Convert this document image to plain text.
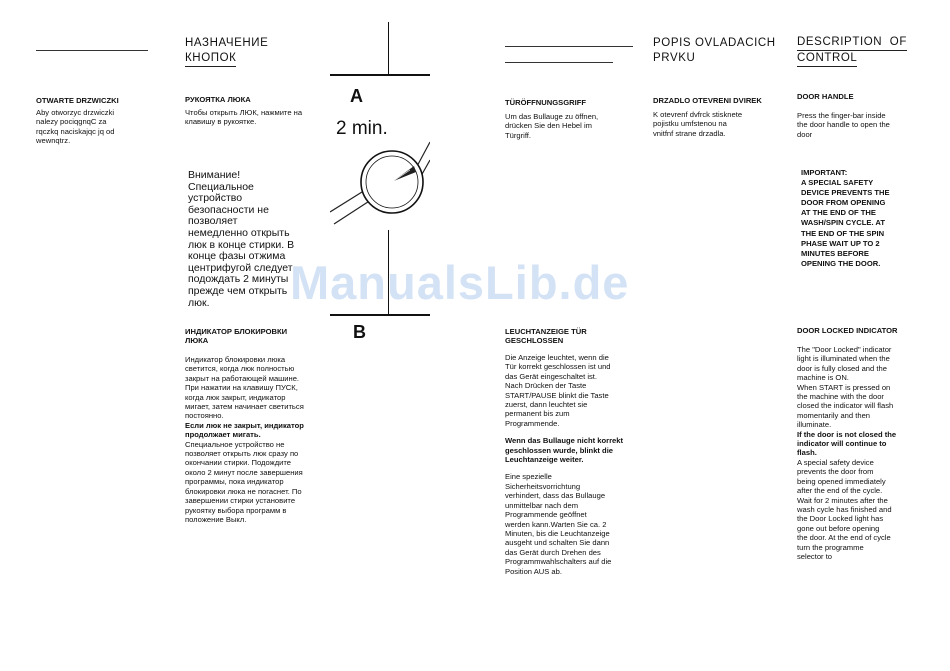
OTWARTE DRZWICZKI
Aby otworzyc drzwiczki
nalezy pociqgnqC za
rqczkq naciskajqc jq od
wewnqtrz.
НАЗНАЧЕНИЕ
КНОПОК
РУКОЯТКА ЛЮКА
Чтобы открыть ЛЮК, нажмите на
клавишу в рукоятке.
Внимание!
Специальное
устройство
безопасности не
позволяет
немедленно открыть
люк в конце стирки. В
конце фазы отжима
центрифугой следует
подождать 2 минуты
прежде чем открыть
люк.
ИНДИКАТОР БЛОКИРОВКИ
ЛЮКА
Индикатор блокировки люка
светится, когда люк полностью
закрыт на работающей машине.
При нажатии на клавишу ПУСК,
когда люк закрыт, индикатор
мигает, затем начинает светиться
постоянно.
Если люк не закрыт, индикатор
продолжает мигать.
Специальное устройство не
позволяет открыть люк сразу по
окончании стирки. Подождите
около 2 минут после завершения
программы, пока индикатор
блокировки люка не погаснет. По
завершении стирки установите
рукоятку выбора программ в
положение Выкл.
A
B
2 min.
TÜRÖFFNUNGSGRIFF
Um das Bullauge zu öffnen,
drücken Sie den Hebel im
Türgriff.
LEUCHTANZEIGE TÜR
GESCHLOSSEN
Die Anzeige leuchtet, wenn die
Tür korrekt geschlossen ist und
das Gerät eingeschaltet ist.
Nach Drücken der Taste
START/PAUSE blinkt die Taste
zuerst, dann leuchtet sie
permanent bis zum
Programmende.
Wenn das Bullauge nicht korrekt
geschlossen wurde, blinkt die
Leuchtanzeige weiter.
Eine spezielle
Sicherheitsvorrichtung
verhindert, dass das Bullauge
unmittelbar nach dem
Programmende geöffnet
werden kann.Warten Sie ca. 2
Minuten, bis die Leuchtanzeige
ausgeht und schalten Sie dann
das Gerät durch Drehen des
Programmwahlschalters auf die
Position AUS ab.
POPIS OVLADACICH
PRVKU
DRZADLO OTEVRENI DVIREK
K otevrenf dvfrck stisknete
pojistku umfstenou na
vnitfnf strane drzadla.
DESCRIPTION  OF
CONTROL
DOOR HANDLE
Press the finger-bar inside
the door handle to open the
door
IMPORTANT:
A SPECIAL SAFETY
DEVICE PREVENTS THE
DOOR FROM OPENING
AT THE END OF THE
WASH/SPIN CYCLE. AT
THE END OF THE SPIN
PHASE WAIT UP TO 2
MINUTES BEFORE
OPENING THE DOOR.
DOOR LOCKED INDICATOR
The "Door Locked" indicator
light is illuminated when the
door is fully closed and the
machine is ON.
When START is pressed on
the machine with the door
closed the indicator will flash
momentarily and then
illuminate.
If the door is not closed the
indicator will continue to
flash.
A special safety device
prevents the door from
being opened immediately
after the end of the cycle.
Wait for 2 minutes after the
wash cycle has finished and
the Door Locked light has
gone out before opening
the door. At the end of cycle
turn the programme
selector to
ManualsLib.de
